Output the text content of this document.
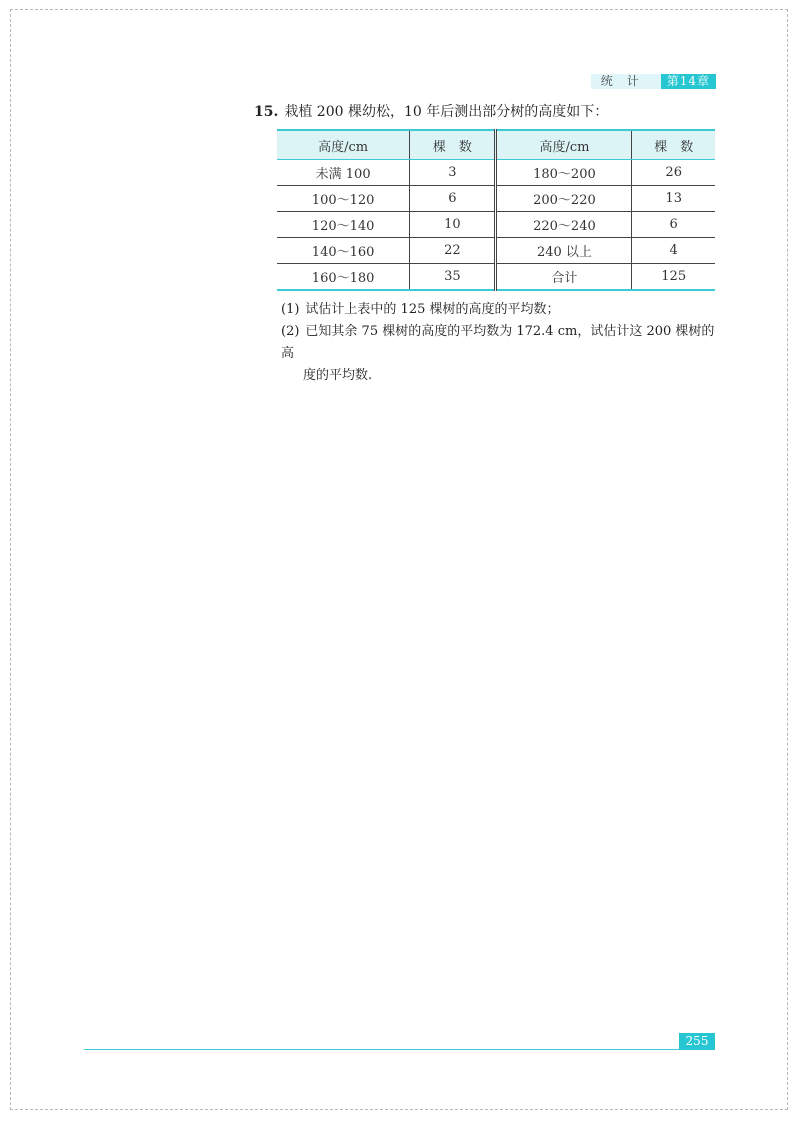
统计	第14章
15. 栽植 200 棵幼松，10 年后测出部分树的高度如下：
高度/cm	棵　数	高度/cm	棵　数
未满 100	3	180～200	26
100～120	6	200～220	13
120～140	10	220～240	6
140～160	22	240 以上	4
160～180	35	合计	125
(1) 试估计上表中的 125 棵树的高度的平均数；
(2) 已知其余 75 棵树的高度的平均数为 172.4 cm，试估计这 200 棵树的高
度的平均数.
255
